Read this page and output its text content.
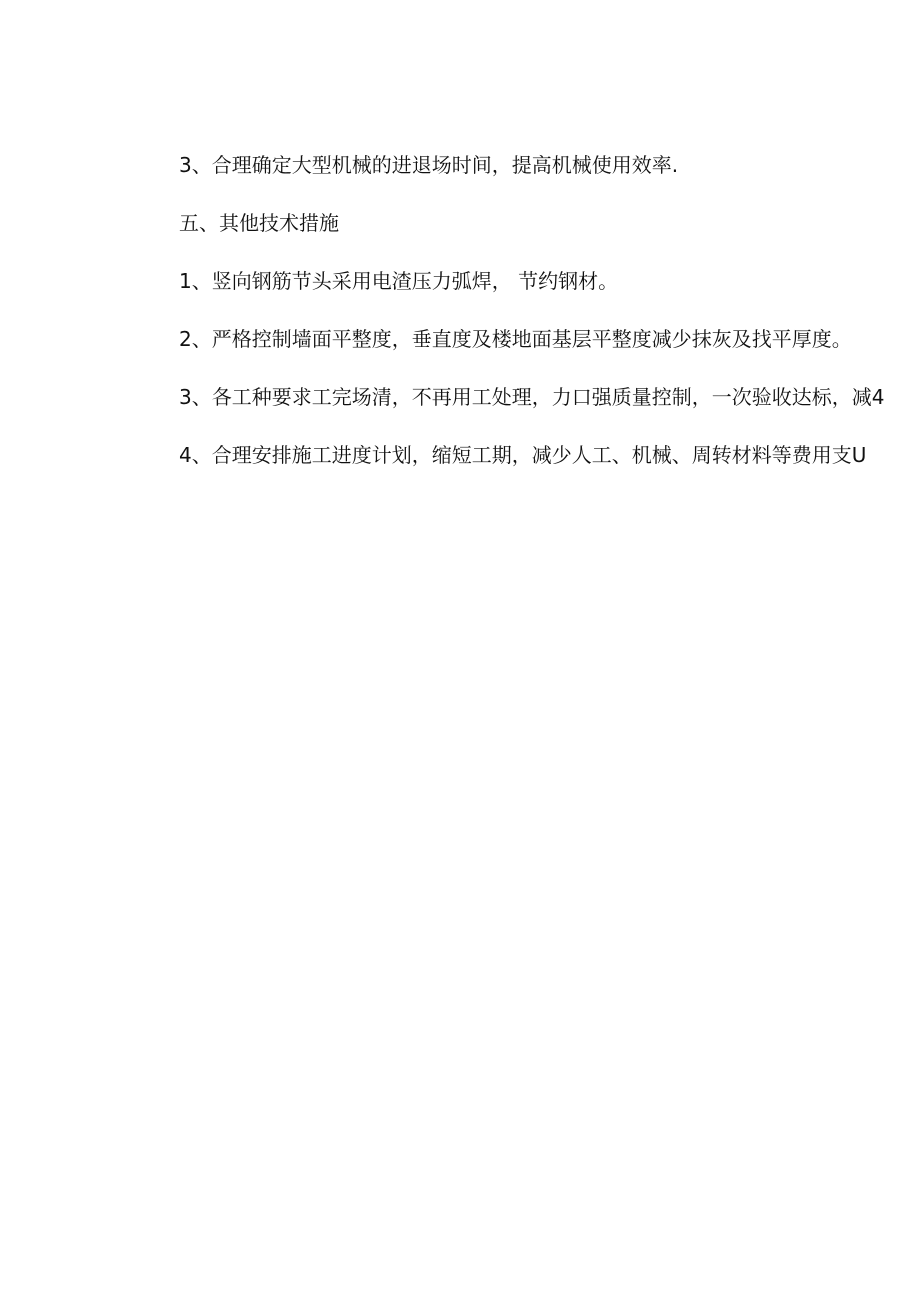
3、合理确定大型机械的进退场时间，提高机械使用效率.

五、其他技术措施

1、竖向钢筋节头采用电渣压力弧焊， 节约钢材。

2、严格控制墙面平整度，垂直度及楼地面基层平整度减少抹灰及找平厚度。

3、各工种要求工完场清，不再用工处理，力口强质量控制，一次验收达标，减4

4、合理安排施工进度计划，缩短工期，减少人工、机械、周转材料等费用支U
